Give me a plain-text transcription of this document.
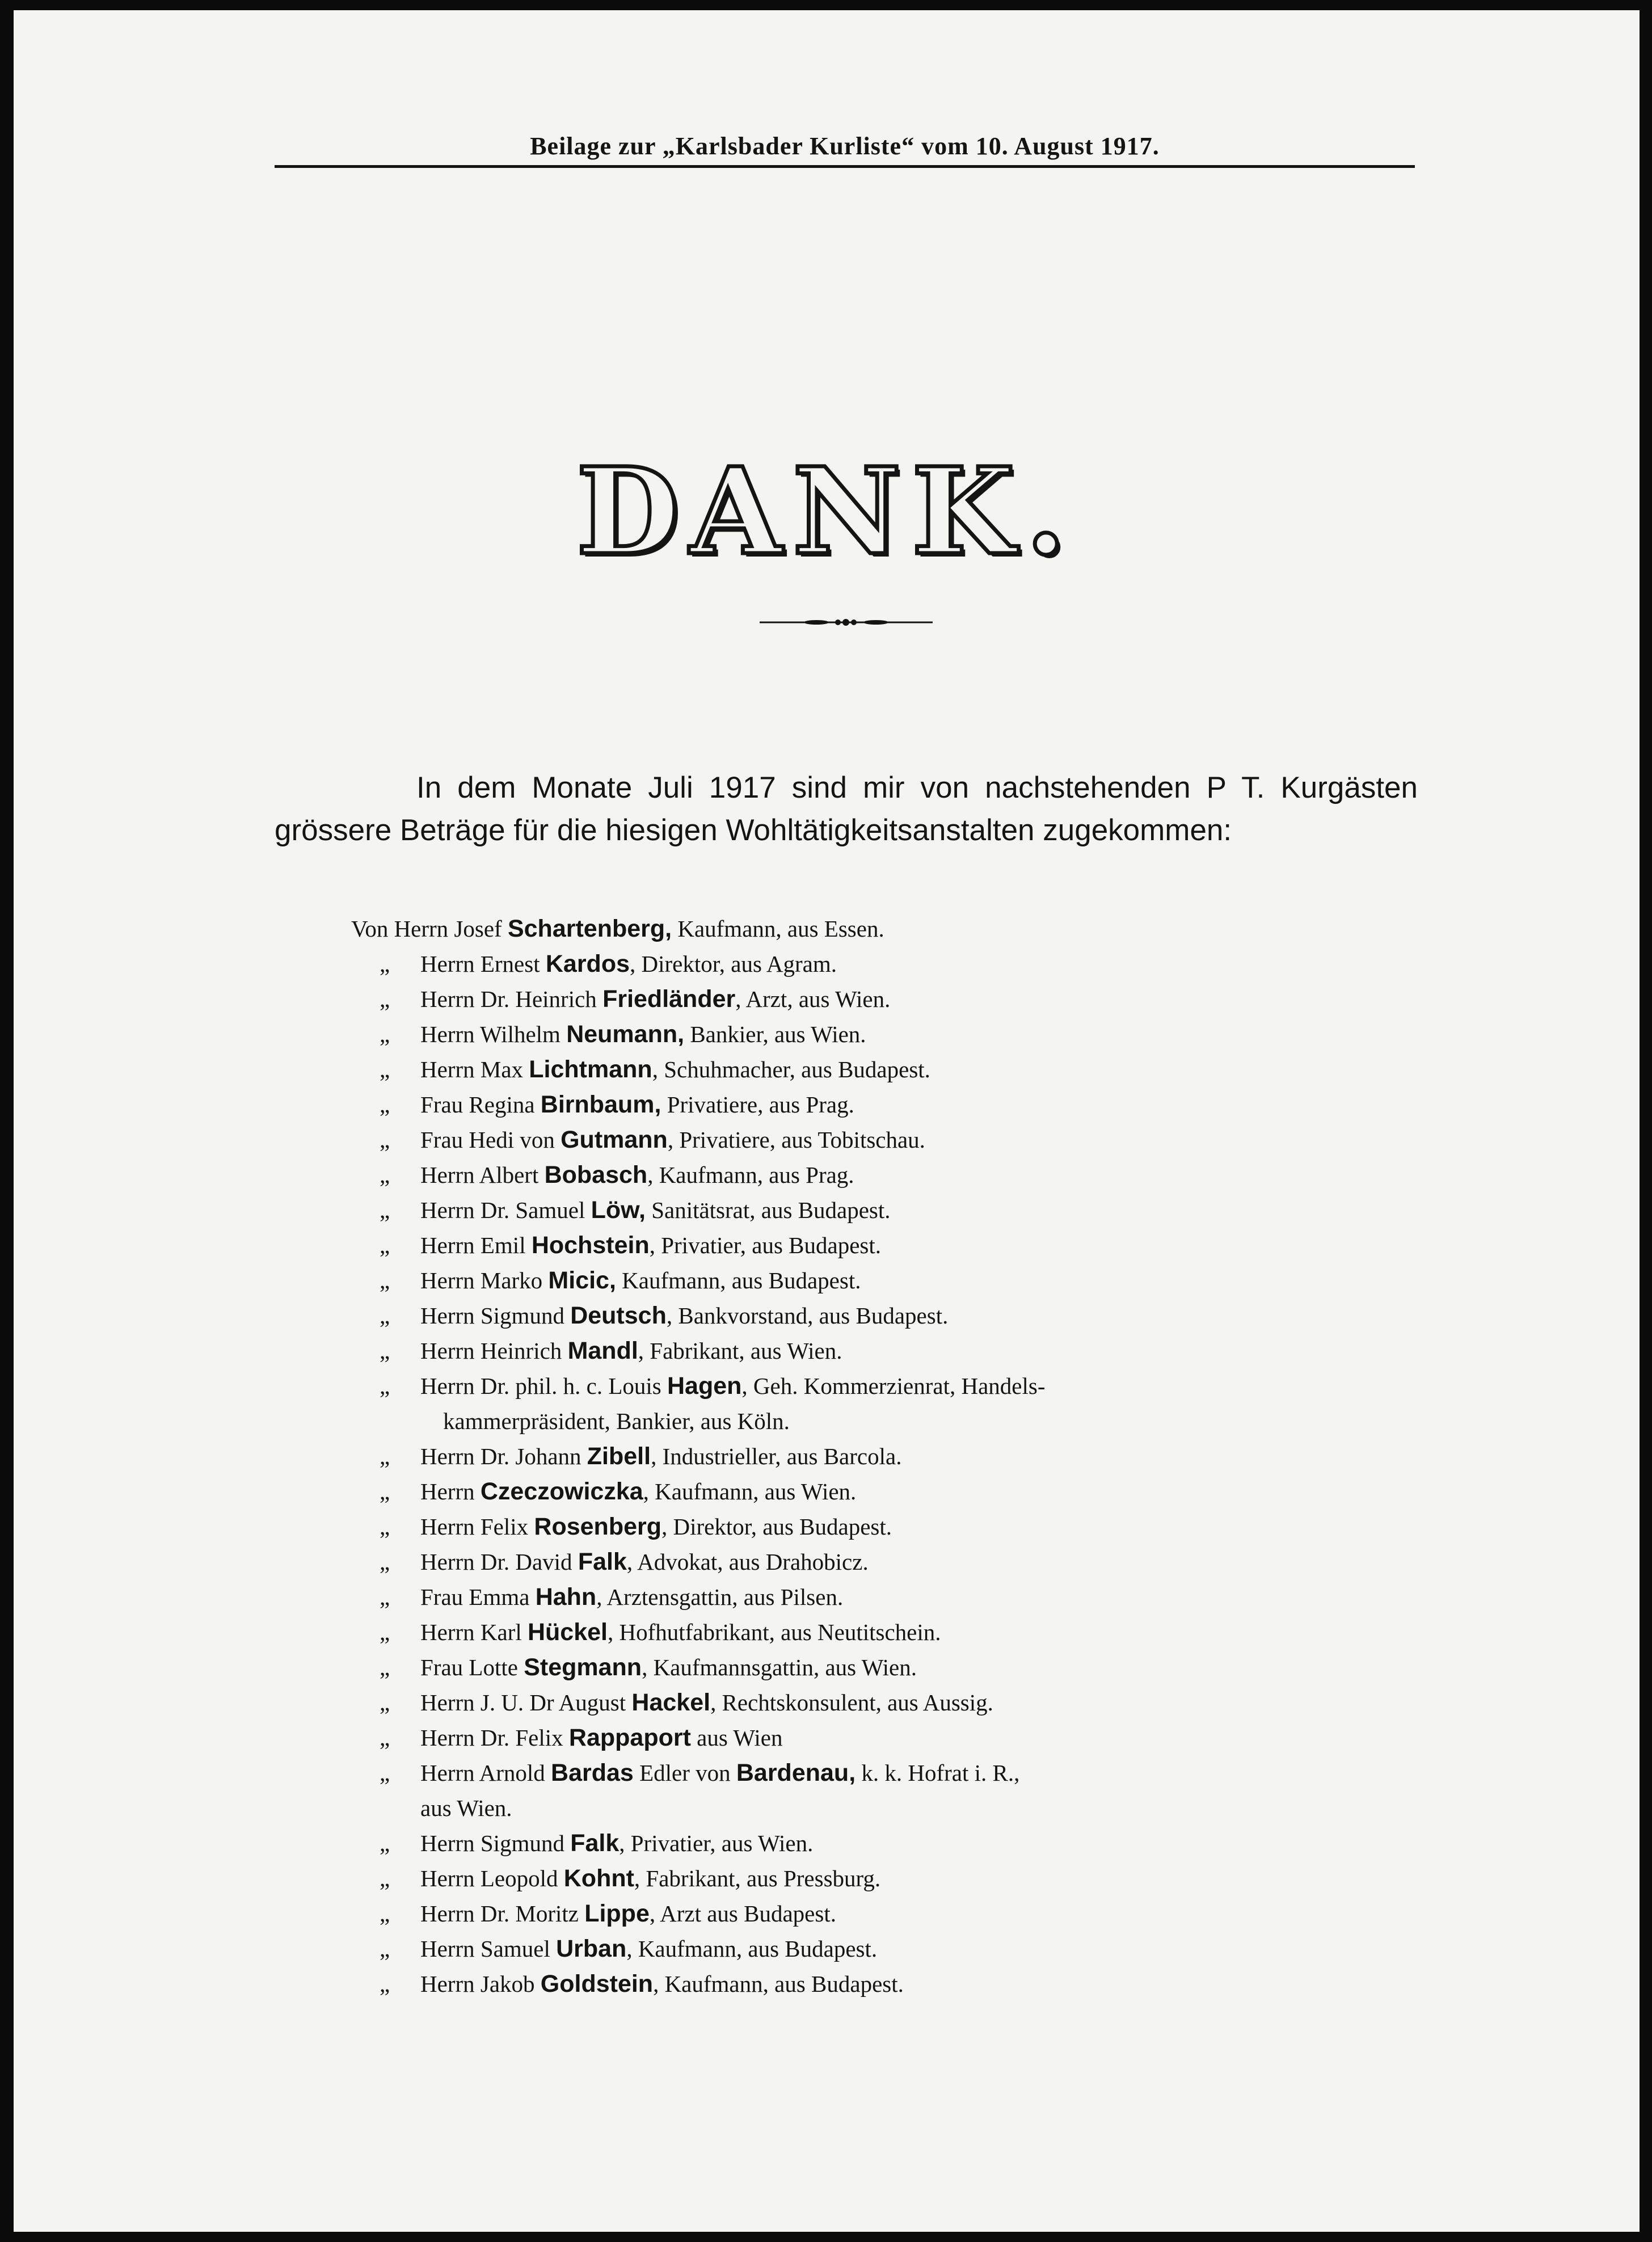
Beilage zur „Karlsbader Kurliste“ vom 10. August 1917.
DANK.

In dem Monate Juli 1917 sind mir von nachstehenden P T. Kurgästen grössere Beträge für die hiesigen Wohltätigkeitsanstalten zugekommen:

Von Herrn Josef Schartenberg, Kaufmann, aus Essen.
„ Herrn Ernest Kardos, Direktor, aus Agram.
„ Herrn Dr. Heinrich Friedländer, Arzt, aus Wien.
„ Herrn Wilhelm Neumann, Bankier, aus Wien.
„ Herrn Max Lichtmann, Schuhmacher, aus Budapest.
„ Frau Regina Birnbaum, Privatiere, aus Prag.
„ Frau Hedi von Gutmann, Privatiere, aus Tobitschau.
„ Herrn Albert Bobasch, Kaufmann, aus Prag.
„ Herrn Dr. Samuel Löw, Sanitätsrat, aus Budapest.
„ Herrn Emil Hochstein, Privatier, aus Budapest.
„ Herrn Marko Micic, Kaufmann, aus Budapest.
„ Herrn Sigmund Deutsch, Bankvorstand, aus Budapest.
„ Herrn Heinrich Mandl, Fabrikant, aus Wien.
„ Herrn Dr. phil. h. c. Louis Hagen, Geh. Kommerzienrat, Handels-
kammerpräsident, Bankier, aus Köln.
„ Herrn Dr. Johann Zibell, Industrieller, aus Barcola.
„ Herrn Czeczowiczka, Kaufmann, aus Wien.
„ Herrn Felix Rosenberg, Direktor, aus Budapest.
„ Herrn Dr. David Falk, Advokat, aus Drahobicz.
„ Frau Emma Hahn, Arztensgattin, aus Pilsen.
„ Herrn Karl Hückel, Hofhutfabrikant, aus Neutitschein.
„ Frau Lotte Stegmann, Kaufmannsgattin, aus Wien.
„ Herrn J. U. Dr August Hackel, Rechtskonsulent, aus Aussig.
„ Herrn Dr. Felix Rappaport aus Wien
„ Herrn Arnold Bardas Edler von Bardenau, k. k. Hofrat i. R.,
aus Wien.
„ Herrn Sigmund Falk, Privatier, aus Wien.
„ Herrn Leopold Kohnt, Fabrikant, aus Pressburg.
„ Herrn Dr. Moritz Lippe, Arzt aus Budapest.
„ Herrn Samuel Urban, Kaufmann, aus Budapest.
„ Herrn Jakob Goldstein, Kaufmann, aus Budapest.
